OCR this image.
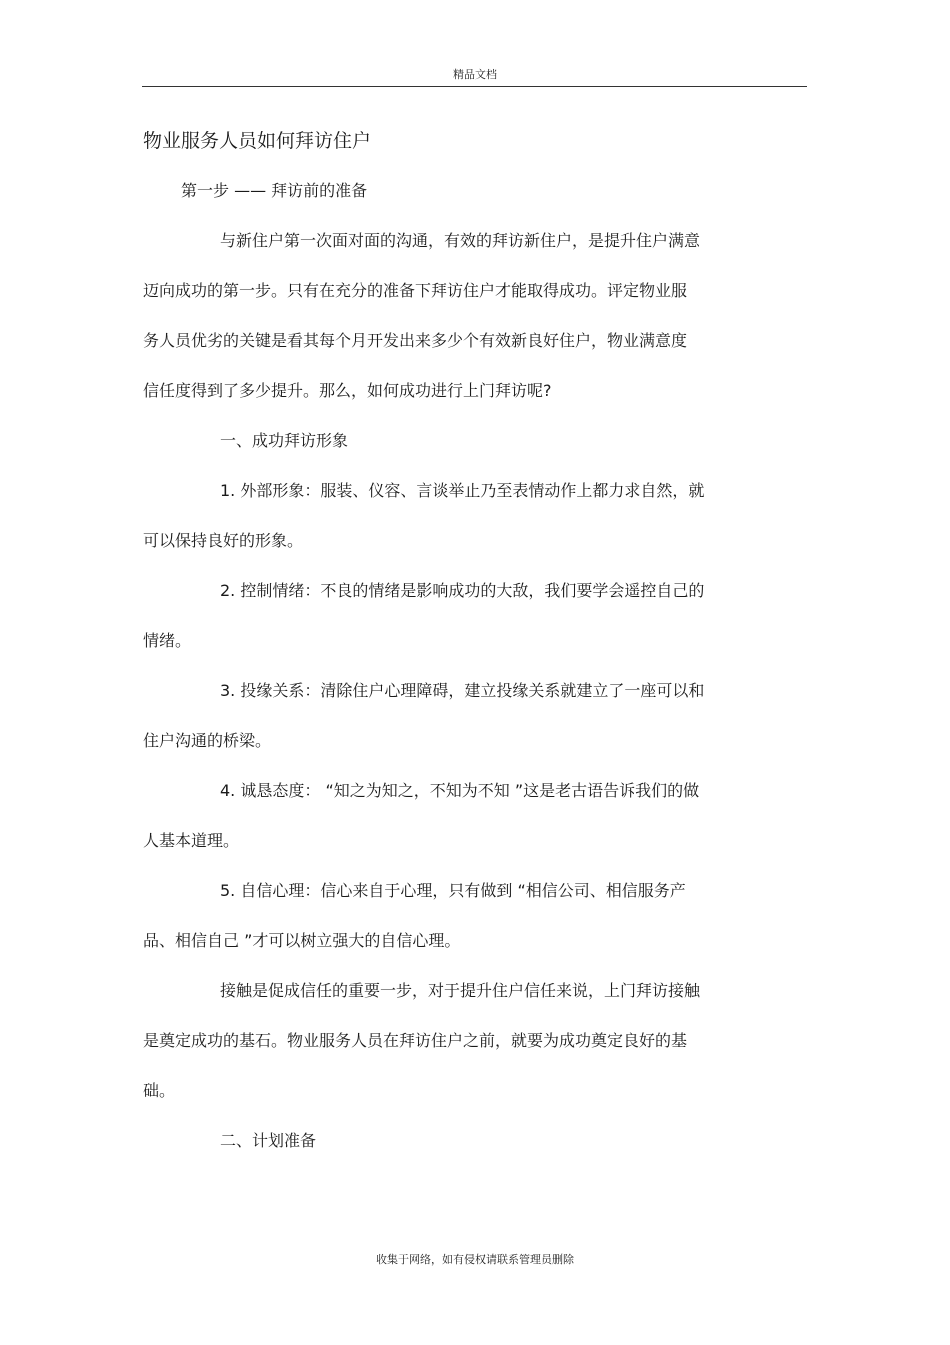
精品文档
物业服务人员如何拜访住户
第一步 —— 拜访前的准备
与新住户第一次面对面的沟通，有效的拜访新住户，是提升住户满意
迈向成功的第一步。只有在充分的准备下拜访住户才能取得成功。评定物业服
务人员优劣的关键是看其每个月开发出来多少个有效新良好住户，物业满意度
信任度得到了多少提升。那么，如何成功进行上门拜访呢?
一、成功拜访形象
1. 外部形象：服装、仪容、言谈举止乃至表情动作上都力求自然，就
可以保持良好的形象。
2. 控制情绪：不良的情绪是影响成功的大敌，我们要学会遥控自己的
情绪。
3. 投缘关系：清除住户心理障碍，建立投缘关系就建立了一座可以和
住户沟通的桥梁。
4. 诚恳态度： “知之为知之，不知为不知 ”这是老古语告诉我们的做
人基本道理。
5. 自信心理：信心来自于心理，只有做到 “相信公司、相信服务产
品、相信自己 ”才可以树立强大的自信心理。
接触是促成信任的重要一步，对于提升住户信任来说，上门拜访接触
是奠定成功的基石。物业服务人员在拜访住户之前，就要为成功奠定良好的基
础。
二、计划准备
收集于网络，如有侵权请联系管理员删除
